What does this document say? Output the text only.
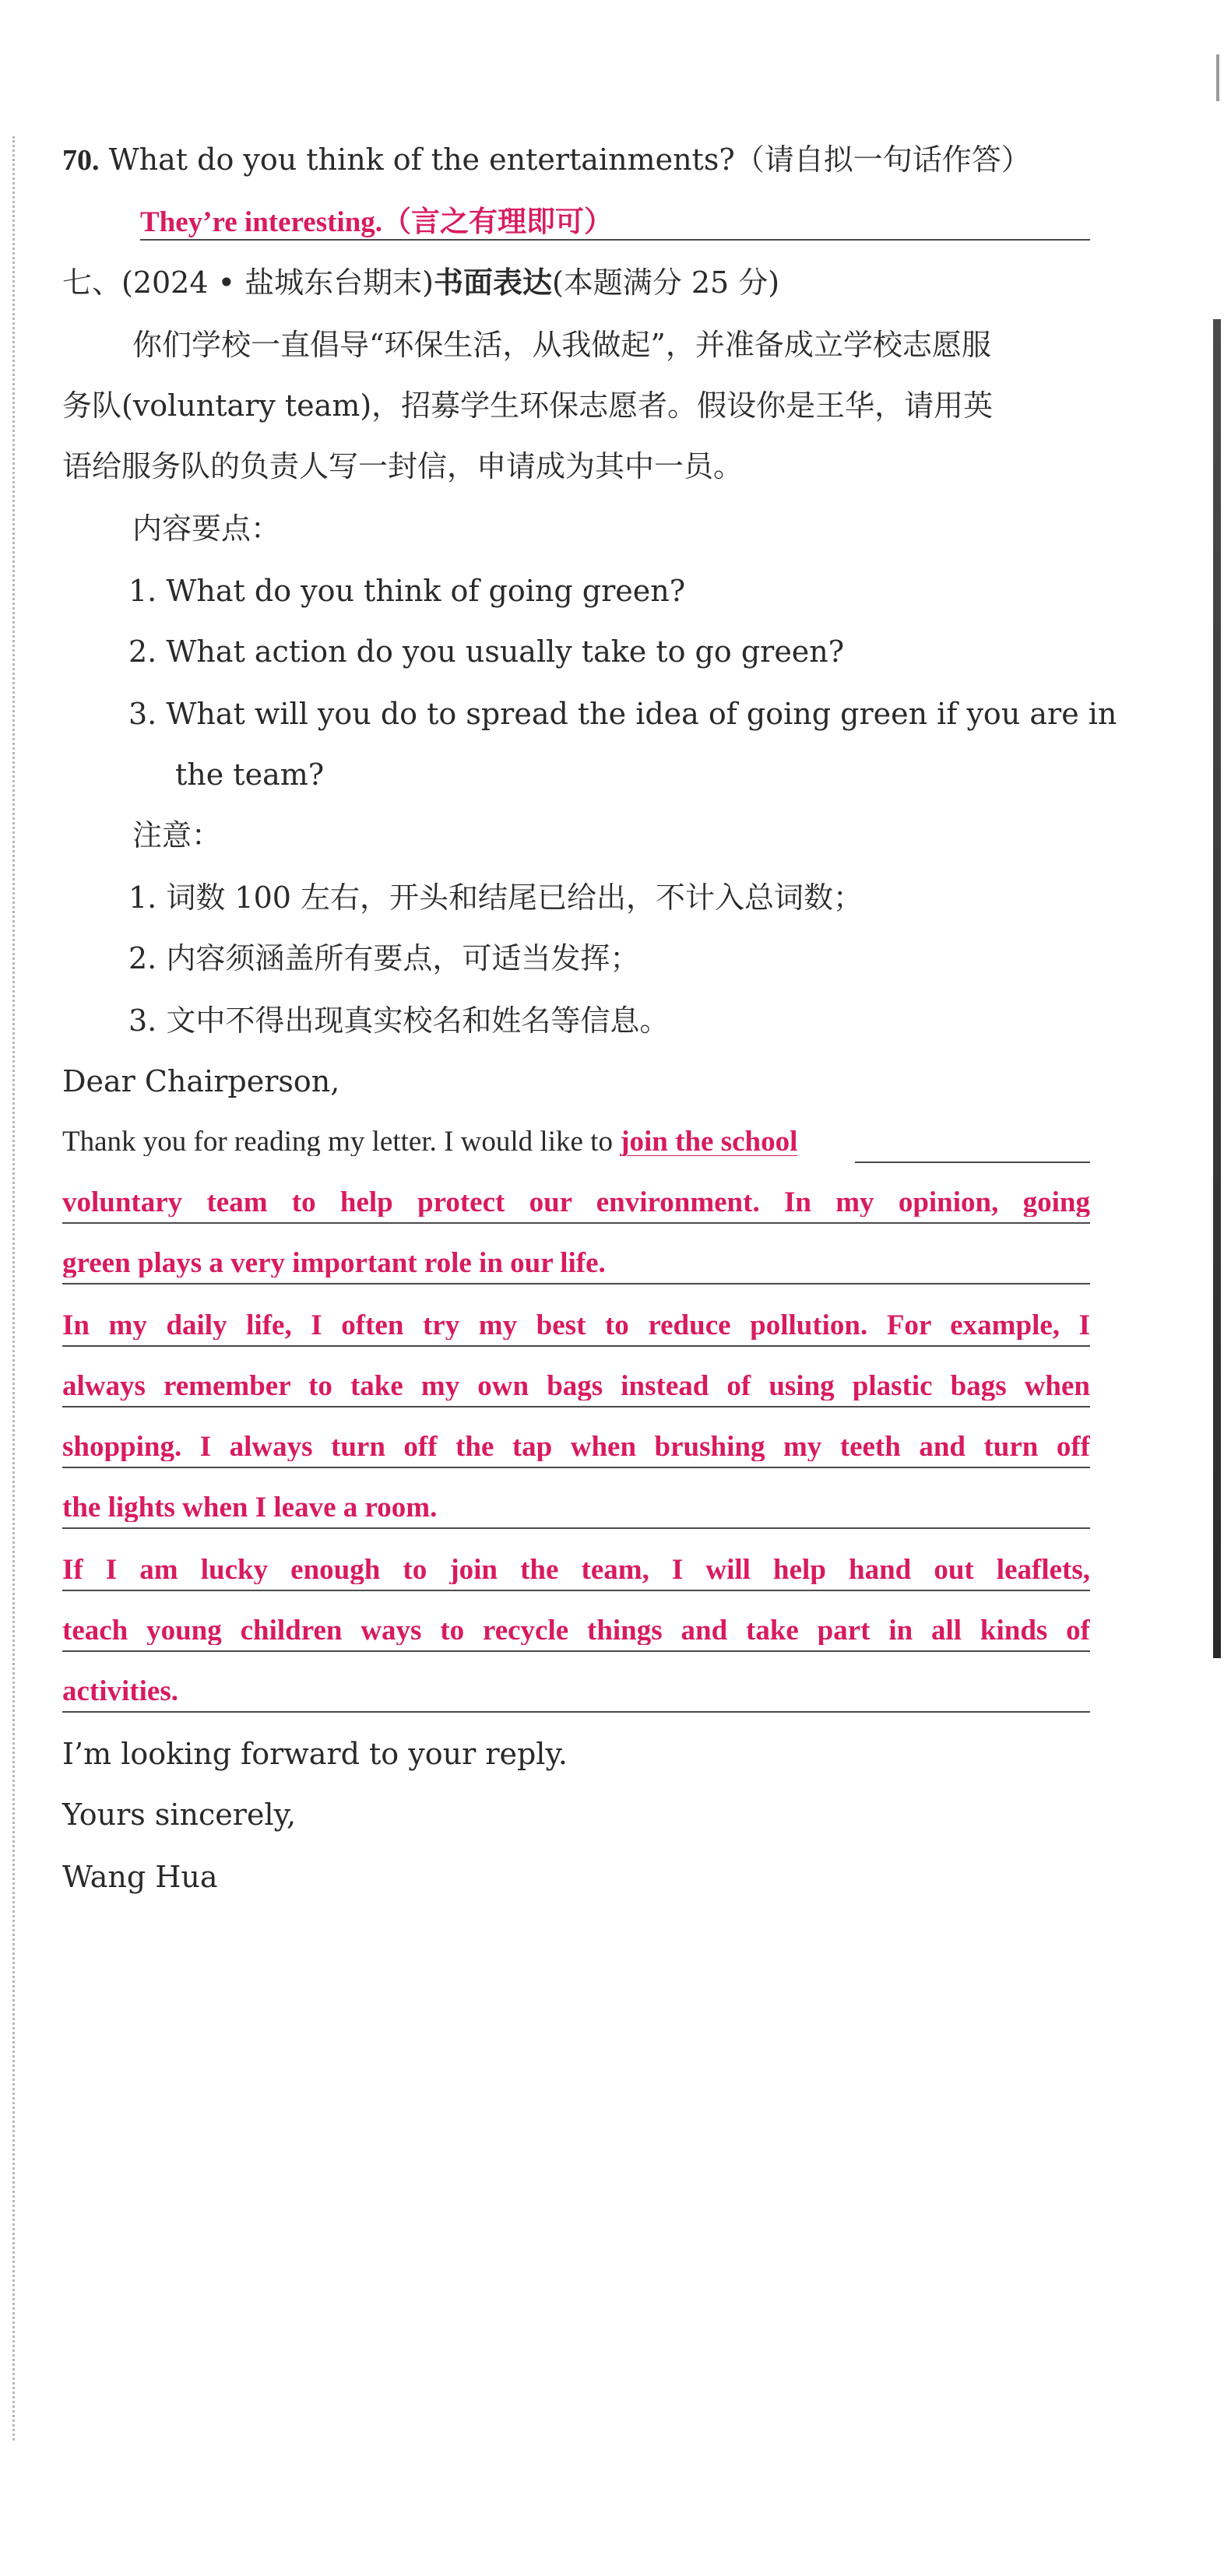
70. What do you think of the entertainments?（请自拟一句话作答）
They’re interesting.（言之有理即可）
七、(2024 • 盐城东台期末)书面表达(本题满分 25 分)
你们学校一直倡导“环保生活，从我做起”，并准备成立学校志愿服
务队(voluntary team)，招募学生环保志愿者。假设你是王华，请用英
语给服务队的负责人写一封信，申请成为其中一员。
内容要点：
1. What do you think of going green?
2. What action do you usually take to go green?
3. What will you do to spread the idea of going green if you are in
the team?
注意：
1. 词数 100 左右，开头和结尾已给出，不计入总词数；
2. 内容须涵盖所有要点，可适当发挥；
3. 文中不得出现真实校名和姓名等信息。
Dear Chairperson,
Thank you for reading my letter. I would like to join the school
voluntary team to help protect our environment. In my opinion, going
green plays a very important role in our life.
In my daily life, I often try my best to reduce pollution. For example, I
always remember to take my own bags instead of using plastic bags when
shopping. I always turn off the tap when brushing my teeth and turn off
the lights when I leave a room.
If I am lucky enough to join the team, I will help hand out leaflets,
teach young children ways to recycle things and take part in all kinds of
activities.
I’m looking forward to your reply.
Yours sincerely,
Wang Hua
